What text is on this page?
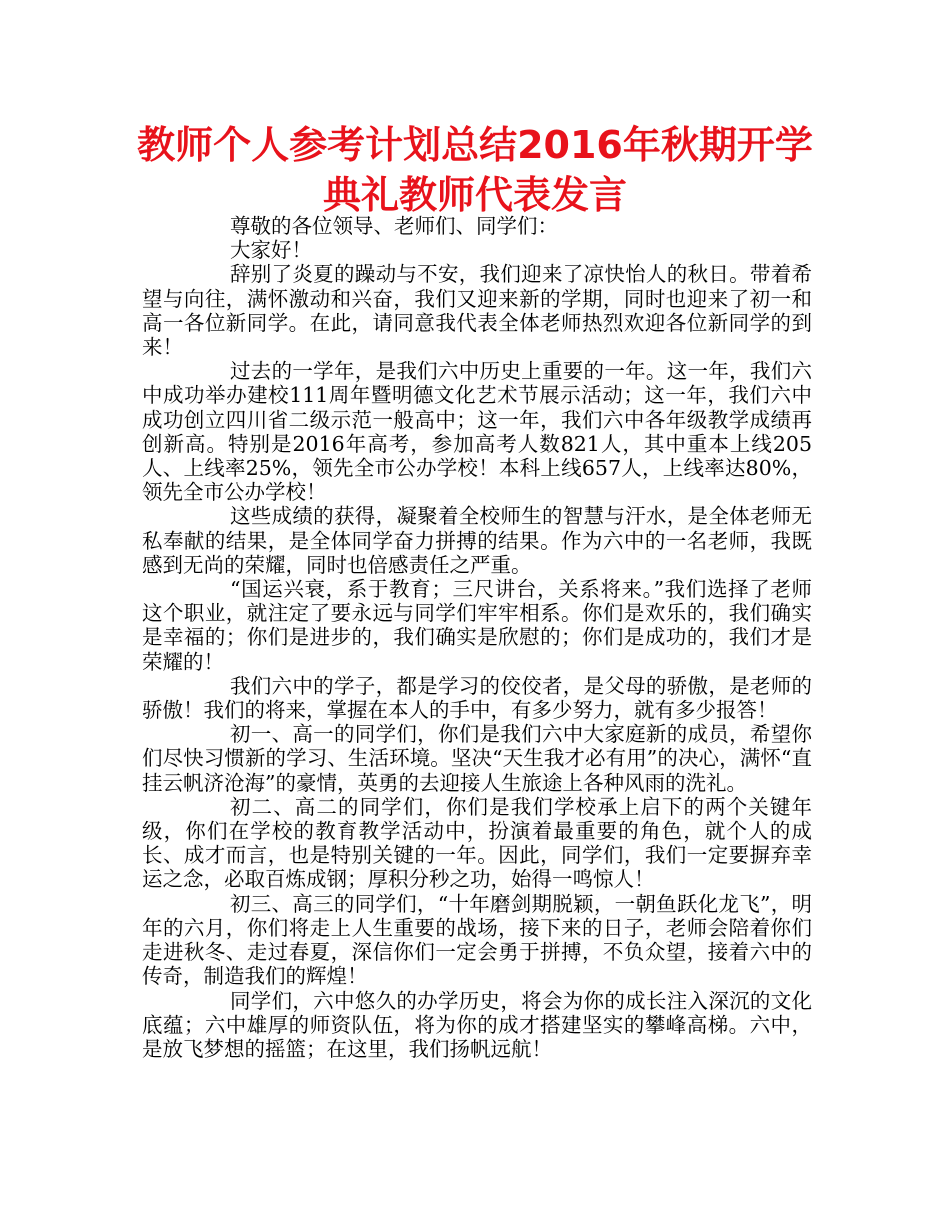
教师个人参考计划总结2016年秋期开学典礼教师代表发言

尊敬的各位领导、老师们、同学们：

大家好！

辞别了炎夏的躁动与不安，我们迎来了凉快怡人的秋日。带着希望与向往，满怀激动和兴奋，我们又迎来新的学期，同时也迎来了初一和高一各位新同学。在此，请同意我代表全体老师热烈欢迎各位新同学的到来！

过去的一学年，是我们六中历史上重要的一年。这一年，我们六中成功举办建校111周年暨明德文化艺术节展示活动；这一年，我们六中成功创立四川省二级示范一般高中；这一年，我们六中各年级教学成绩再创新高。特别是2016年高考，参加高考人数821人，其中重本上线205人、上线率25%，领先全市公办学校！本科上线657人，上线率达80%，领先全市公办学校！

这些成绩的获得，凝聚着全校师生的智慧与汗水，是全体老师无私奉献的结果，是全体同学奋力拼搏的结果。作为六中的一名老师，我既感到无尚的荣耀，同时也倍感责任之严重。

“国运兴衰，系于教育；三尺讲台，关系将来。”我们选择了老师这个职业，就注定了要永远与同学们牢牢相系。你们是欢乐的，我们确实是幸福的；你们是进步的，我们确实是欣慰的；你们是成功的，我们才是荣耀的！

我们六中的学子，都是学习的佼佼者，是父母的骄傲，是老师的骄傲！我们的将来，掌握在本人的手中，有多少努力，就有多少报答！

初一、高一的同学们，你们是我们六中大家庭新的成员，希望你们尽快习惯新的学习、生活环境。坚决“天生我才必有用”的决心，满怀“直挂云帆济沧海”的豪情，英勇的去迎接人生旅途上各种风雨的洗礼。

初二、高二的同学们，你们是我们学校承上启下的两个关键年级，你们在学校的教育教学活动中，扮演着最重要的角色，就个人的成长、成才而言，也是特别关键的一年。因此，同学们，我们一定要摒弃幸运之念，必取百炼成钢；厚积分秒之功，始得一鸣惊人！

初三、高三的同学们，“十年磨剑期脱颖，一朝鱼跃化龙飞”，明年的六月，你们将走上人生重要的战场，接下来的日子，老师会陪着你们走进秋冬、走过春夏，深信你们一定会勇于拼搏，不负众望，接着六中的传奇，制造我们的辉煌！

同学们，六中悠久的办学历史，将会为你的成长注入深沉的文化底蕴；六中雄厚的师资队伍，将为你的成才搭建坚实的攀峰高梯。六中，是放飞梦想的摇篮；在这里，我们扬帆远航！
